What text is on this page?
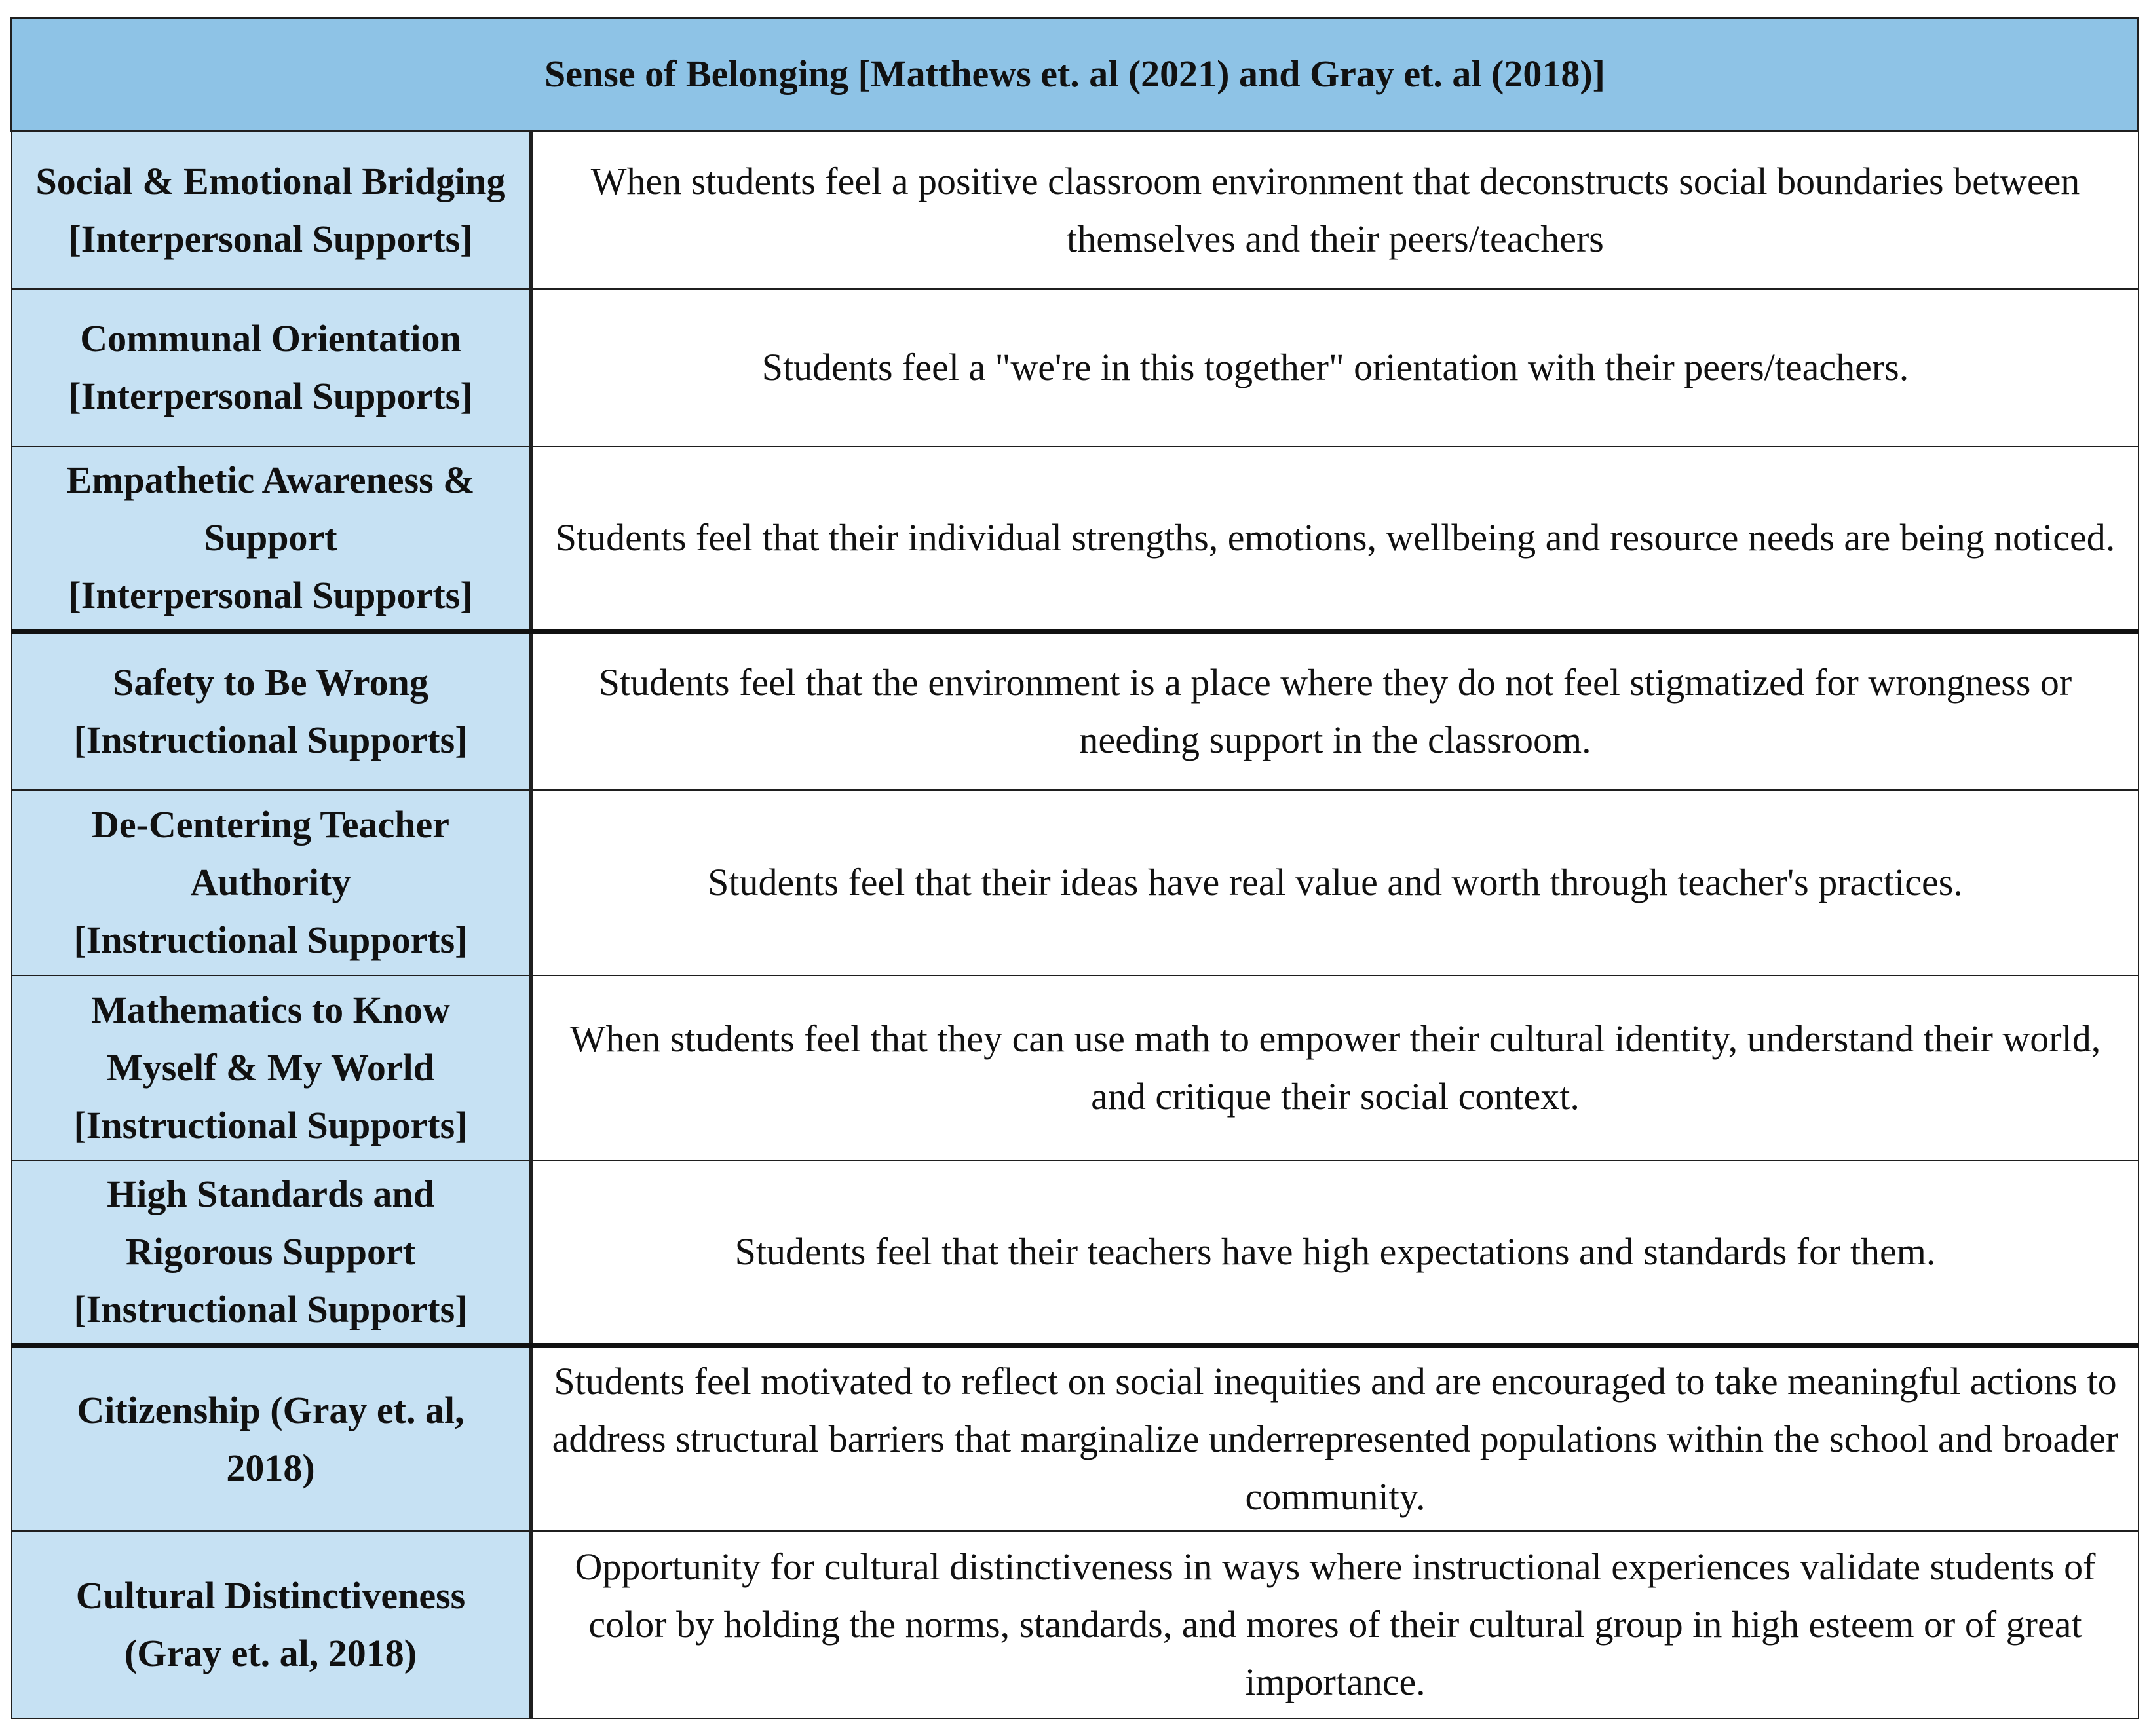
Sense of Belonging [Matthews et. al (2021) and Gray et. al (2018)]	

Social & Emotional Bridging
[Interpersonal Supports]	When students feel a positive classroom environment that deconstructs social boundaries between themselves and their peers/teachers

Communal Orientation
[Interpersonal Supports]	Students feel a "we're in this together" orientation with their peers/teachers.

Empathetic Awareness &
Support
[Interpersonal Supports]	Students feel that their individual strengths, emotions, wellbeing and resource needs are being noticed.

Safety to Be Wrong
[Instructional Supports]	Students feel that the environment is a place where they do not feel stigmatized for wrongness or needing support in the classroom.

De-Centering Teacher
Authority
[Instructional Supports]	Students feel that their ideas have real value and worth through teacher's practices.

Mathematics to Know
Myself & My World
[Instructional Supports]	When students feel that they can use math to empower their cultural identity, understand their world, and critique their social context.

High Standards and
Rigorous Support
[Instructional Supports]	Students feel that their teachers have high expectations and standards for them.

Citizenship (Gray et. al,
2018)	Students feel motivated to reflect on social inequities and are encouraged to take meaningful actions to address structural barriers that marginalize underrepresented populations within the school and broader community.

Cultural Distinctiveness
(Gray et. al, 2018)	Opportunity for cultural distinctiveness in ways where instructional experiences validate students of color by holding the norms, standards, and mores of their cultural group in high esteem or of great importance.
